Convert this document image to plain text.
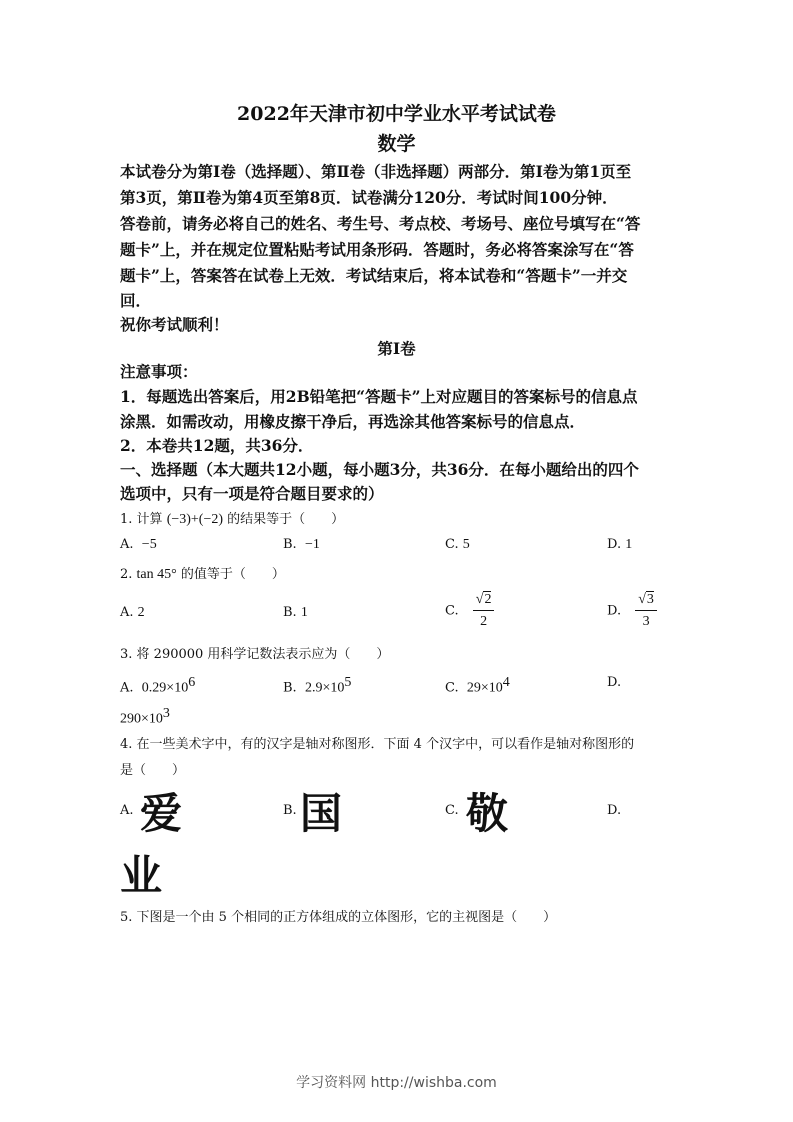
2022年天津市初中学业水平考试试卷
数学
本试卷分为第Ⅰ卷（选择题）、第Ⅱ卷（非选择题）两部分．第Ⅰ卷为第1页至
第3页，第Ⅱ卷为第4页至第8页．试卷满分120分．考试时间100分钟．
答卷前，请务必将自己的姓名、考生号、考点校、考场号、座位号填写在“答
题卡”上，并在规定位置粘贴考试用条形码．答题时，务必将答案涂写在“答
题卡”上，答案答在试卷上无效．考试结束后，将本试卷和“答题卡”一并交
回．
祝你考试顺利！
第Ⅰ卷
注意事项：
1．每题选出答案后，用2B铅笔把“答题卡”上对应题目的答案标号的信息点
涂黑．如需改动，用橡皮擦干净后，再选涂其他答案标号的信息点．
2．本卷共12题，共36分．
一、选择题（本大题共12小题，每小题3分，共36分．在每小题给出的四个
选项中，只有一项是符合题目要求的）
1. 计算 (−3)+(−2) 的结果等于（　　）
A. −5	B. −1	C. 5	D. 1
2. tan 45° 的值等于（　　）
A. 2	B. 1	C. $\frac{√2}{2}$	D. $\frac{√3}{3}$
3. 将 290000 用科学记数法表示应为（　　）
A. $0.29\times 10^6$	B. $2.9\times 10^5$	C. $29\times 10^4$	D.
$290\times 10^3$
4. 在一些美术字中，有的汉字是轴对称图形．下面 4 个汉字中，可以看作是轴对称图形的
是（　　）
A. 爱	B. 国	C. 敬	D.
业
5. 下图是一个由 5 个相同的正方体组成的立体图形，它的主视图是（　　）
学习资料网 http://wishba.com
